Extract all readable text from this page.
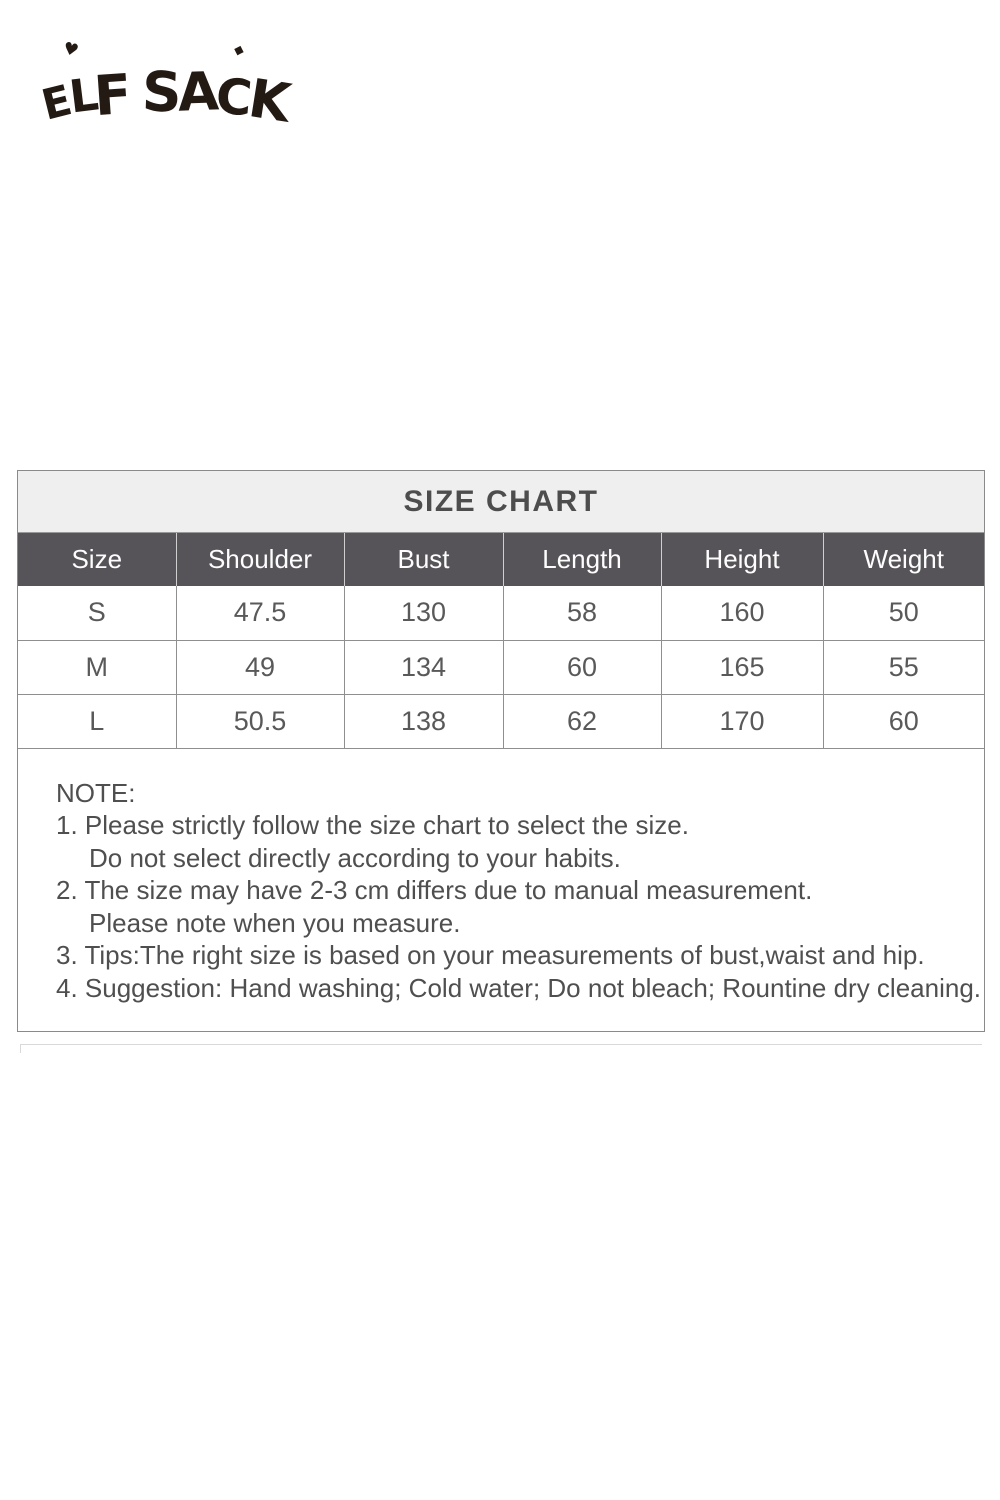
♥	◆
E
L
F S
A
C
K
SIZE CHART
Size	Shoulder	Bust	Length	Height	Weight
S	47.5	130	58	160	50
M	49	134	60	165	55
L	50.5	138	62	170	60
NOTE:
1. Please strictly follow the size chart to select the size.
Do not select directly according to your habits.
2. The size may have 2-3 cm differs due to manual measurement.
Please note when you measure.
3. Tips:The right size is based on your measurements of bust,waist and hip.
4. Suggestion: Hand washing; Cold water; Do not bleach; Rountine dry cleaning.
